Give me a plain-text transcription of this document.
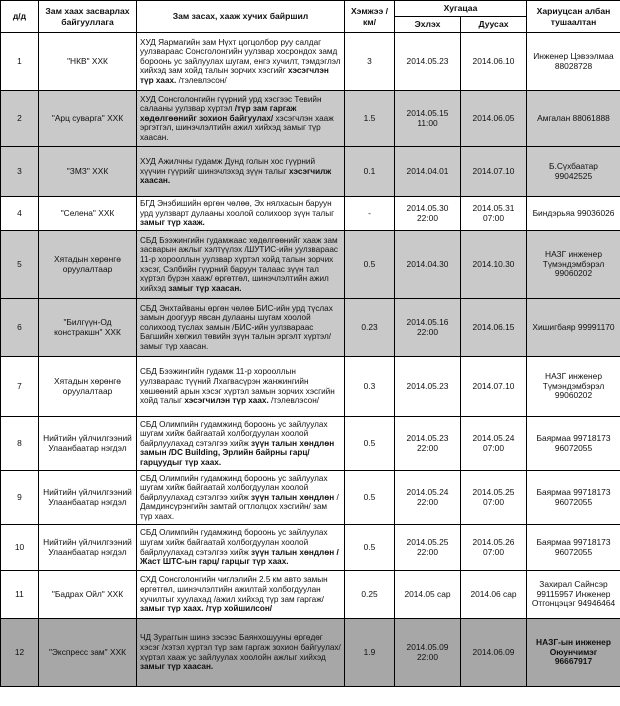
д/д	Зам хаах засварлах байгууллага	Зам засах, хааж хучих байршил	Хэмжээ /км/	Хугацаа		Хариуцсан албан тушаалтан
				Эхлэх	Дуусах	
1	"НКВ" ХХК	ХУД Яармагийн зам Нүхт цогцолбор руу салдаг уулзвараас Сонсголонгийн уулзвар хосрондох замд бороонь ус зайлуулах шугам, енгэ хучилт, тэмдэглэл хийхэд зам хойд талын зорчих хэсгийг хэсэгчлэн түр хаах. /тэлевлэсон/	3	2014.05.23	2014.06.10	Инженер Цэвээлмаа 88028728
2	"Арц суварга" ХХК	ХУД Сонсголонгийн гүүрний урд хэсгээс Тевийн салааны уулзвар хүртэл /түр зам гаргаж хөдөлгөөнийг зохион байгуулах/ хэсэгчлэн хааж эргэтгэл, шинэчлэлтийн ажил хийхэд замыг түр хаасан.	1.5	2014.05.15 11:00	2014.06.05	Амгалан 88061888
3	"ЗМЗ" ХХК	ХУД Ажилчны гудамж Дунд голын хос гүүрний хүүчин гүүрийг шинэчлэхэд зүүн талыг хэсэгчилж хаасан.	0.1	2014.04.01	2014.07.10	Б.Сүхбаатар 99042525
4	"Селена" ХХК	БГД Энэбишийн өргөн чөлөө, Эх нялхасын баруун урд уулзварт дулааны хоолой солихоор зүүн талыг замыг түр хааж.	-	2014.05.30 22:00	2014.05.31 07:00	Биндэрьяа 99036026
5	Хятадын хөрөнгө оруулалтаар	СБД Бээжингийн гудамжаас хөдөлгөөнийг хааж зам засварын ажлыг хэлтүүлэх /ШУТИС-ийн уулзвараас 11-р хорооллын уулзвар хүртэл хойд талын зорчих хэсэг, Сэлбийн гүүрний баруун талаас зүүн тал хүртэл бүрэн хааж/ өргөтгөл, шинэчлэлтийн ажил хийхэд замыг түр хаасан.	0.5	2014.04.30	2014.10.30	НАЗГ инженер Түмэндэмбэрэл 99060202
6	"Билгүүн-Од констракшн" ХХК	СБД Энхтайваны өргөн чөлөө БИС-ийн урд түслах замын доогуур явсан дулааны шугам хоолой солихоод түслах замын /БИС-ийн уулзвараас Багшийн хөгжил төвийн зүүн талын эргэлт хүртэл/ замыг түр хаасан.	0.23	2014.05.16 22:00	2014.06.15	Хишигбаяр 99991170
7	Хятадын хөрөнгө оруулалтаар	СБД Бээжингийн гудамж 11-р хорооллын уулзвараас түүний Лхагвасүрэн жанжингийн хөшөөний арын хэсэг хүртэл замын зорчих хэсгийн хойд талыг хэсэгчилэн түр хаах. /тэлевлэсон/	0.3	2014.05.23	2014.07.10	НАЗГ инженер Түмэндэмбэрэл 99060202
8	Нийтийн үйлчилгээний Улаанбаатар нэгдэл	СБД Олимпийн гудамжинд бороонь ус зайлуулах шугам хийж байгаатай холбогдуулан хоолой байрлуулахад сэтэлгээ хийж зүүн талын хөндлөн замын /DC Building, Эрлийн байрны гарц/ гарцуудыг түр хаах.	0.5	2014.05.23 22:00	2014.05.24 07:00	Баярмаа 99718173 96072055
9	Нийтийн үйлчилгээний Улаанбаатар нэгдэл	СБД Олимпийн гудамжинд бороонь ус зайлуулах шугам хийж байгаатай холбогдуулан хоолой байрлуулахад сэтэлгээ хийж зүүн талын хөндлөн /Дамдинсүрэнгийн замтай огтлолцох хэсгийн/ зам түр хаах.	0.5	2014.05.24 22:00	2014.05.25 07:00	Баярмаа 99718173 96072055
10	Нийтийн үйлчилгээний Улаанбаатар нэгдэл	СБД Олимпийн гудамжинд бороонь ус зайлуулах шугам хийж байгаатай холбогдуулан хоолой байрлуулахад сэтэлгээ хийж зүүн талын хөндлөн /Жаст ШТС-ын гарц/ гарцыг түр хаах.	0.5	2014.05.25 22:00	2014.05.26 07:00	Баярмаа 99718173 96072055
11	"Бадрах Ойл" ХХК	СХД Сонсголонгийн чиглэлийн 2.5 км авто замын өргөтгөл, шинэчлэлтийн ажилтай холбогдуулан хучилтыг хуулахад /ажил хийхэд түр зам гаргаж/ замыг түр хаах. /түр хойшилсон/	0.25	2014.05 сар	2014.06 сар	Захирал Сайнсэр 99115957 Инженер Отгонцэцэг 94946464
12	"Экспресс зам" ХХК	ЧД Зураггын шинэ зэсээс Баянхошууны өргөдөг хэсэг /хэтэл хүртэл түр зам гаргаж зохион байгуулах/ хүртэл хааж ус зайлуулах хоолойн ажлыг хийхэд замыг түр хаасан.	1.9	2014.05.09 22:00	2014.06.09	НАЗГ-ын инженер Оюунчимэг 96667917
